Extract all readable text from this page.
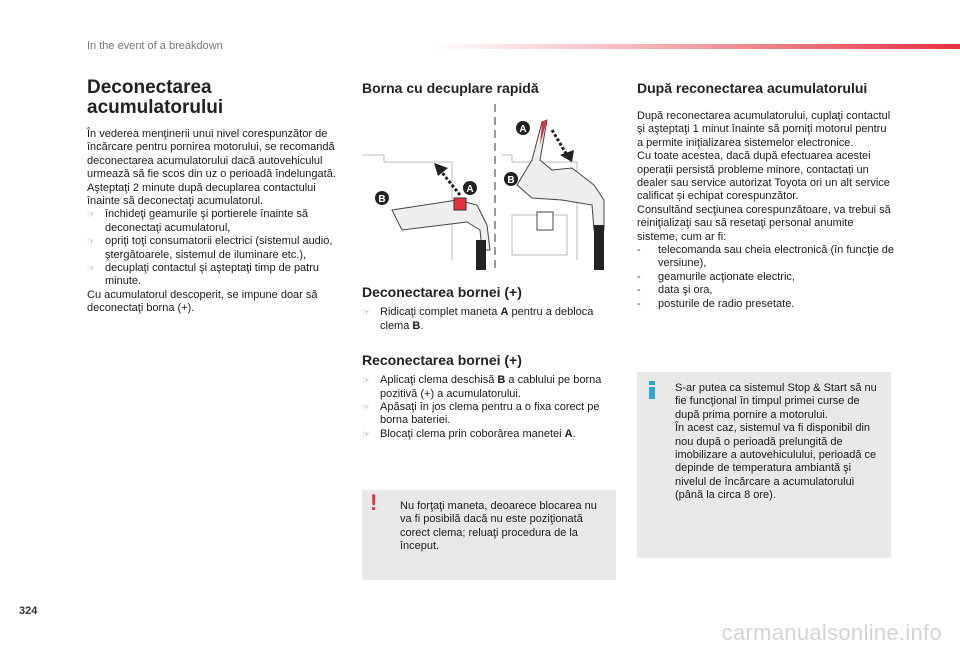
In the event of a breakdown
Deconectarea acumulatorului

În vederea menţinerii unui nivel corespunzător de încărcare pentru pornirea motorului, se recomandă deconectarea acumulatorului dacă autovehiculul urmează să fie scos din uz o perioadă îndelungată.

Aşteptaţi 2 minute după decuplarea contactului înainte să deconectaţi acumulatorul.

☞ închideţi geamurile şi portierele înainte să deconectaţi acumulatorul,
☞ opriţi toţi consumatorii electrici (sistemul audio, ştergătoarele, sistemul de iluminare etc.),
☞ decuplaţi contactul şi aşteptaţi timp de patru minute.

Cu acumulatorul descoperit, se impune doar să deconectaţi borna (+).

Borna cu decuplare rapidă
A
B
A
B
Deconectarea bornei (+)
☞ Ridicaţi complet maneta A pentru a debloca clema B.
Reconectarea bornei (+)
☞ Aplicaţi clema deschisă B a cablului pe borna pozitivă (+) a acumulatorului.
☞ Apăsaţi în jos clema pentru a o fixa corect pe borna bateriei.
☞ Blocaţi clema prin coborârea manetei A.
! Nu forţaţi maneta, deoarece blocarea nu va fi posibilă dacă nu este poziţionată corect clema; reluaţi procedura de la început.
După reconectarea acumulatorului

După reconectarea acumulatorului, cuplaţi contactul şi aşteptaţi 1 minut înainte să porniţi motorul pentru a permite iniţializarea sistemelor electronice.

Cu toate acestea, dacă după efectuarea acestei operații persistă probleme minore, contactați un dealer sau service autorizat Toyota ori un alt service calificat și echipat corespunzător.

Consultând secţiunea corespunzătoare, va trebui să reiniţializaţi sau să resetaţi personal anumite sisteme, cum ar fi:

-	telecomanda sau cheia electronică (în funcţie de versiune),
-	geamurile acţionate electric,
-	data şi ora,
-	posturile de radio presetate.
S-ar putea ca sistemul Stop & Start să nu fie funcţional în timpul primei curse de după prima pornire a motorului.
În acest caz, sistemul va fi disponibil din nou după o perioadă prelungită de imobilizare a autovehiculului, perioadă ce depinde de temperatura ambiantă şi nivelul de încărcare a acumulatorului (până la circa 8 ore).
324
carmanualsonline.info
